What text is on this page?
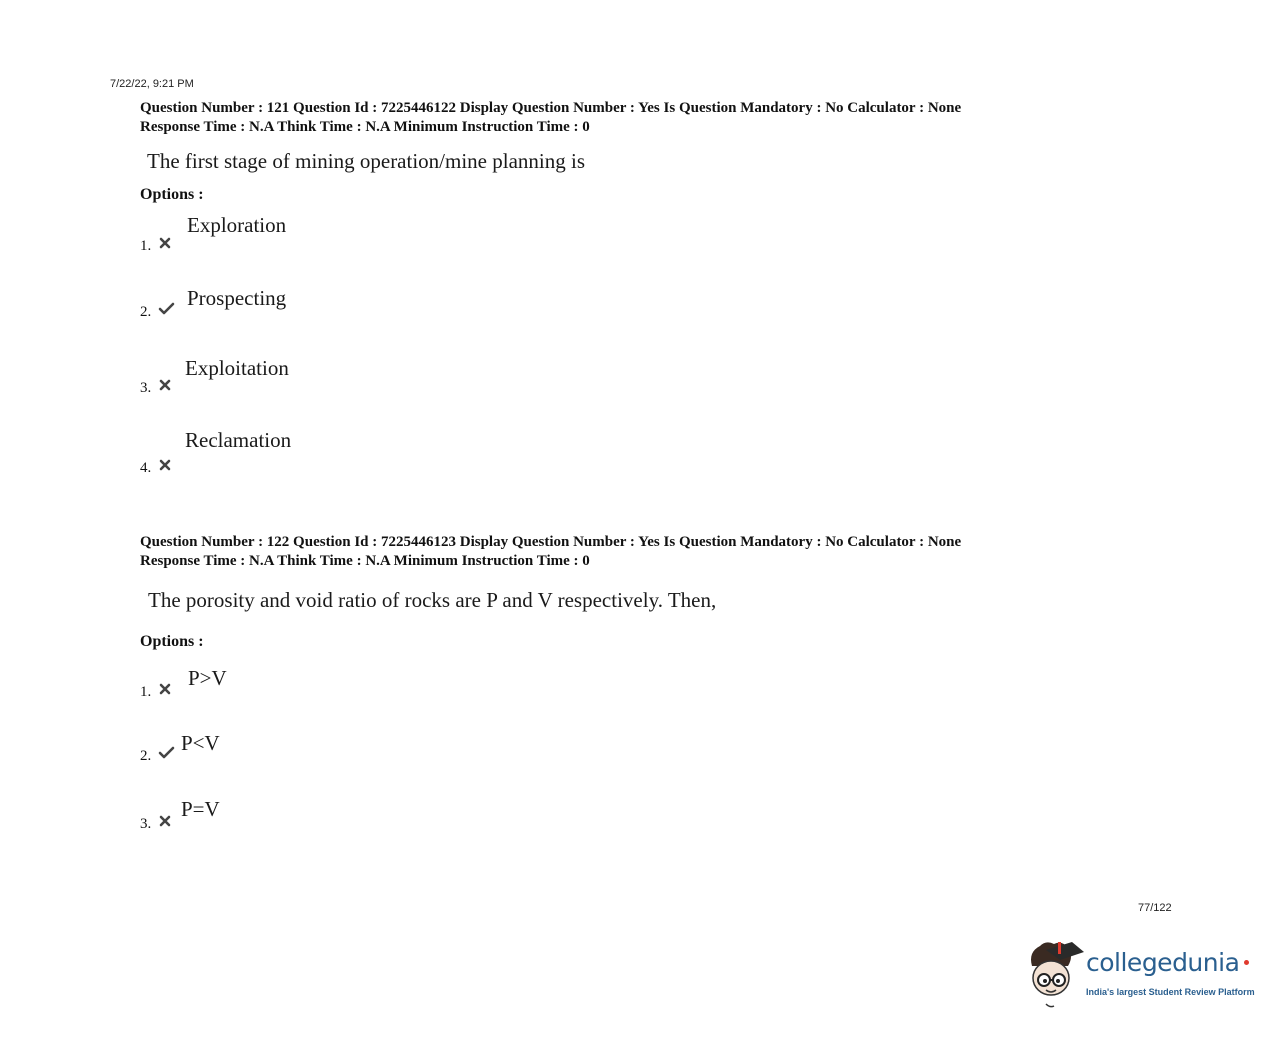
7/22/22, 9:21 PM
Question Number : 121 Question Id : 7225446122 Display Question Number : Yes Is Question Mandatory : No Calculator : None
Response Time : N.A Think Time : N.A Minimum Instruction Time : 0
The first stage of mining operation/mine planning is
Options :
1.
Exploration
2.
Prospecting
3.
Exploitation
4.
Reclamation
Question Number : 122 Question Id : 7225446123 Display Question Number : Yes Is Question Mandatory : No Calculator : None
Response Time : N.A Think Time : N.A Minimum Instruction Time : 0
The porosity and void ratio of rocks are P and V respectively. Then,
Options :
1.
P>V
2.
P<V
3.
P=V
77/122
collegedunia
India's largest Student Review Platform
